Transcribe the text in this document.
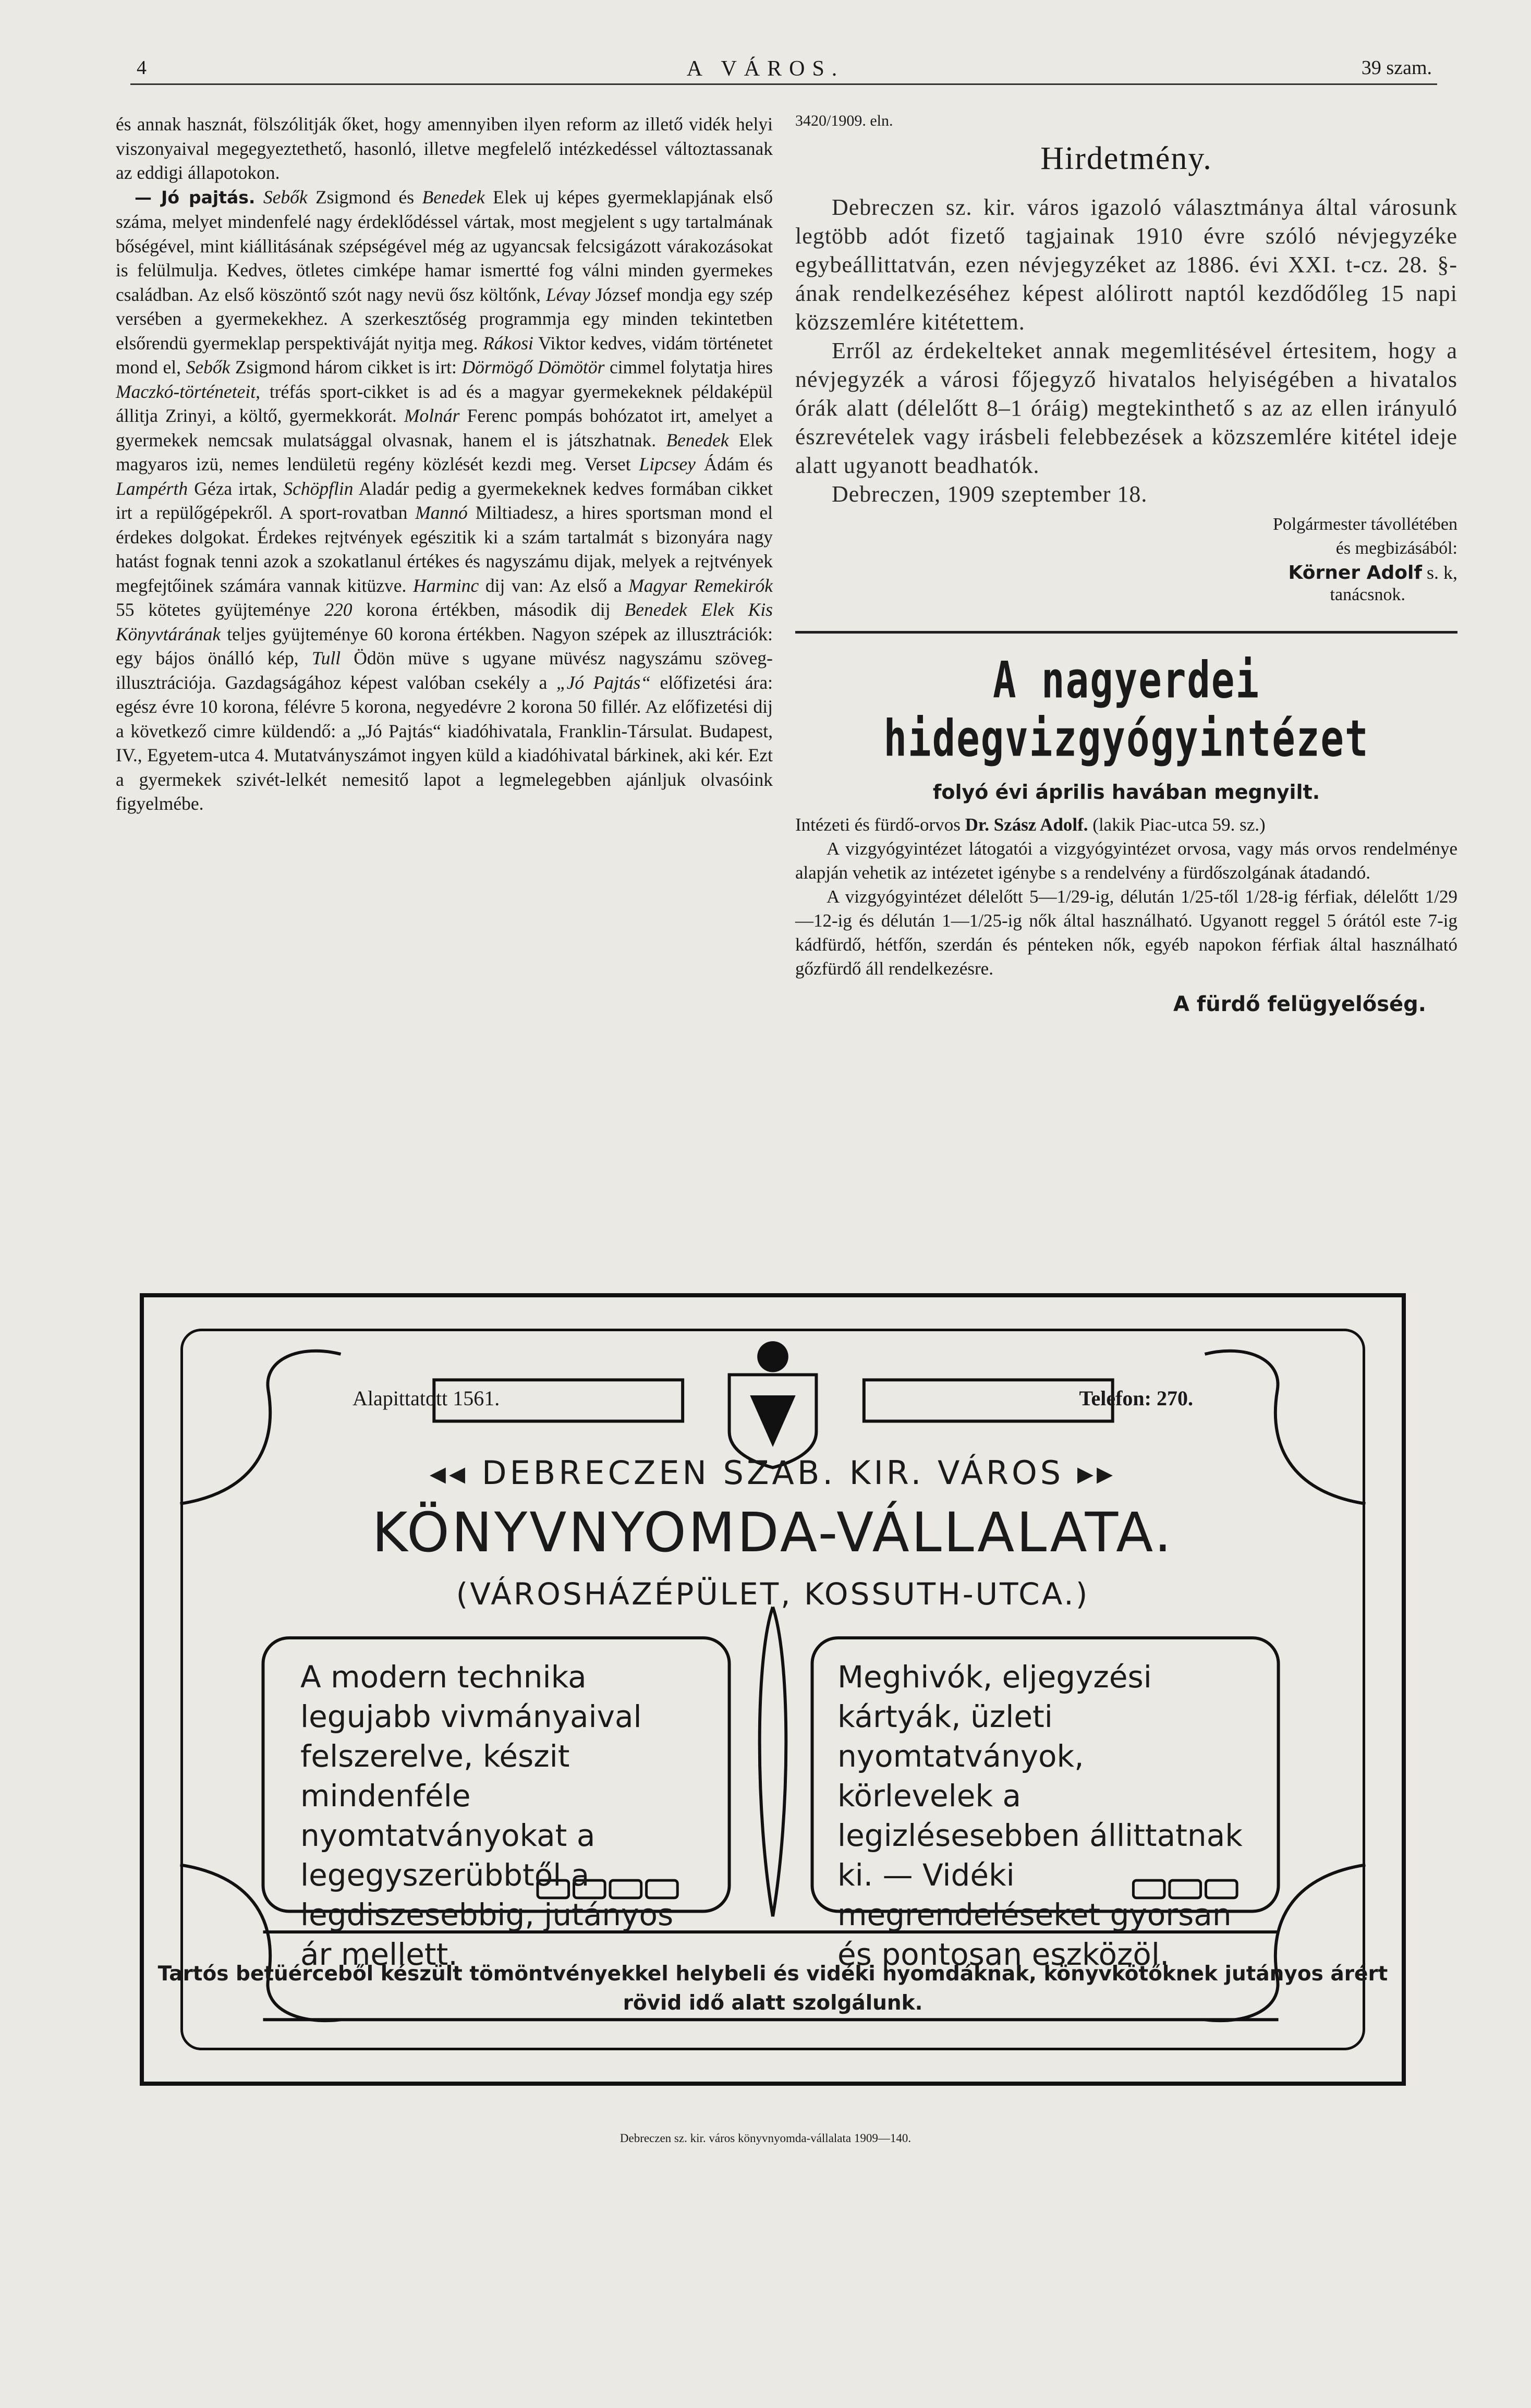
4	A VÁROS.	39 szam.

és annak hasznát, fölszólitják őket, hogy amennyiben ilyen reform az illető vidék helyi viszonyaival megegyeztethető, hasonló, illetve megfelelő intézkedéssel változtassanak az eddigi állapotokon.

— Jó pajtás. Sebők Zsigmond és Benedek Elek uj képes gyermeklapjának első száma, melyet mindenfelé nagy érdeklődéssel vártak, most megjelent s ugy tartalmának bőségével, mint kiállitásának szépségével még az ugyancsak felcsigázott várakozásokat is felülmulja. Kedves, ötletes cimképe hamar ismertté fog válni minden gyermekes családban. Az első köszöntő szót nagy nevü ősz költőnk, Lévay József mondja egy szép versében a gyermekekhez. A szerkesztőség programmja egy minden tekintetben elsőrendü gyermeklap perspektiváját nyitja meg. Rákosi Viktor kedves, vidám történetet mond el, Sebők Zsigmond három cikket is irt: Dörmögő Dömötör cimmel folytatja hires Maczkó-történeteit, tréfás sport-cikket is ad és a magyar gyermekeknek példaképül állitja Zrinyi, a költő, gyermekkorát. Molnár Ferenc pompás bohózatot irt, amelyet a gyermekek nemcsak mulatsággal olvasnak, hanem el is játszhatnak. Benedek Elek magyaros izü, nemes lendületü regény közlését kezdi meg. Verset Lipcsey Ádám és Lampérth Géza irtak, Schöpflin Aladár pedig a gyermekeknek kedves formában cikket irt a repülőgépekről. A sport-rovatban Mannó Miltiadesz, a hires sportsman mond el érdekes dolgokat. Érdekes rejtvények egészitik ki a szám tartalmát s bizonyára nagy hatást fognak tenni azok a szokatlanul értékes és nagyszámu dijak, melyek a rejtvények megfejtőinek számára vannak kitüzve. Harminc dij van: Az első a Magyar Remekirók 55 kötetes gyüjteménye 220 korona értékben, második dij Benedek Elek Kis Könyvtárának teljes gyüjteménye 60 korona értékben. Nagyon szépek az illusztrációk: egy bájos önálló kép, Tull Ödön müve s ugyane müvész nagyszámu szöveg-illusztrációja. Gazdagságához képest valóban csekély a „Jó Pajtás“ előfizetési ára: egész évre 10 korona, félévre 5 korona, negyedévre 2 korona 50 fillér. Az előfizetési dij a következő cimre küldendő: a „Jó Pajtás“ kiadóhivatala, Franklin-Társulat. Budapest, IV., Egyetem-utca 4. Mutatványszámot ingyen küld a kiadóhivatal bárkinek, aki kér. Ezt a gyermekek szivét-lelkét nemesitő lapot a legmelegebben ajánljuk olvasóink figyelmébe.

3420/1909. eln.
Hirdetmény.

Debreczen sz. kir. város igazoló választmánya által városunk legtöbb adót fizető tagjainak 1910 évre szóló névjegyzéke egybeállittatván, ezen névjegyzéket az 1886. évi XXI. t-cz. 28. §-ának rendelkezéséhez képest alólirott naptól kezdődőleg 15 napi közszemlére kitétettem.

Erről az érdekelteket annak megemlitésével értesitem, hogy a névjegyzék a városi főjegyző hivatalos helyiségében a hivatalos órák alatt (délelőtt 8–1 óráig) megtekinthető s az az ellen irányuló észrevételek vagy irásbeli felebbezések a közszemlére kitétel ideje alatt ugyanott beadhatók.

Debreczen, 1909 szeptember 18.

Polgármester távollétében
és megbizásából:
Körner Adolf s. k,
tanácsnok.
A nagyerdei hidegvizgyógyintézet
folyó évi április havában megnyilt.

Intézeti és fürdő-orvos Dr. Szász Adolf. (lakik Piac-utca 59. sz.)

A vizgyógyintézet látogatói a vizgyógyintézet orvosa, vagy más orvos rendelménye alapján vehetik az intézetet igénybe s a rendelvény a fürdőszolgának átadandó.

A vizgyógyintézet délelőtt 5—1/29-ig, délután 1/25-től 1/28-ig férfiak, délelőtt 1/29—12-ig és délután 1—1/25-ig nők által használható. Ugyanott reggel 5 órától este 7-ig kádfürdő, hétfőn, szerdán és pénteken nők, egyéb napokon férfiak által használható gőzfürdő áll rendelkezésre.

A fürdő felügyelőség.
Alapittatott 1561.	Telefon: 270.
◂◂ DEBRECZEN SZAB. KIR. VÁROS ▸▸
KÖNYVNYOMDA-VÁLLALATA.
(VÁROSHÁZÉPÜLET, KOSSUTH-UTCA.)
A modern technika legujabb vivmányaival felszerelve, készit mindenféle nyomtatványokat a legegyszerübbtől a legdiszesebbig, jutányos ár mellett.
Meghivók, eljegyzési kártyák, üzleti nyomtatványok, körlevelek a legizlésesebben állittatnak ki. — Vidéki megrendeléseket gyorsan és pontosan eszközöl.
Tartós betüérceből készült tömöntvényekkel helybeli és vidéki nyomdáknak, könyvkötőknek jutányos árért rövid idő alatt szolgálunk.
Debreczen sz. kir. város könyvnyomda-vállalata 1909—140.
